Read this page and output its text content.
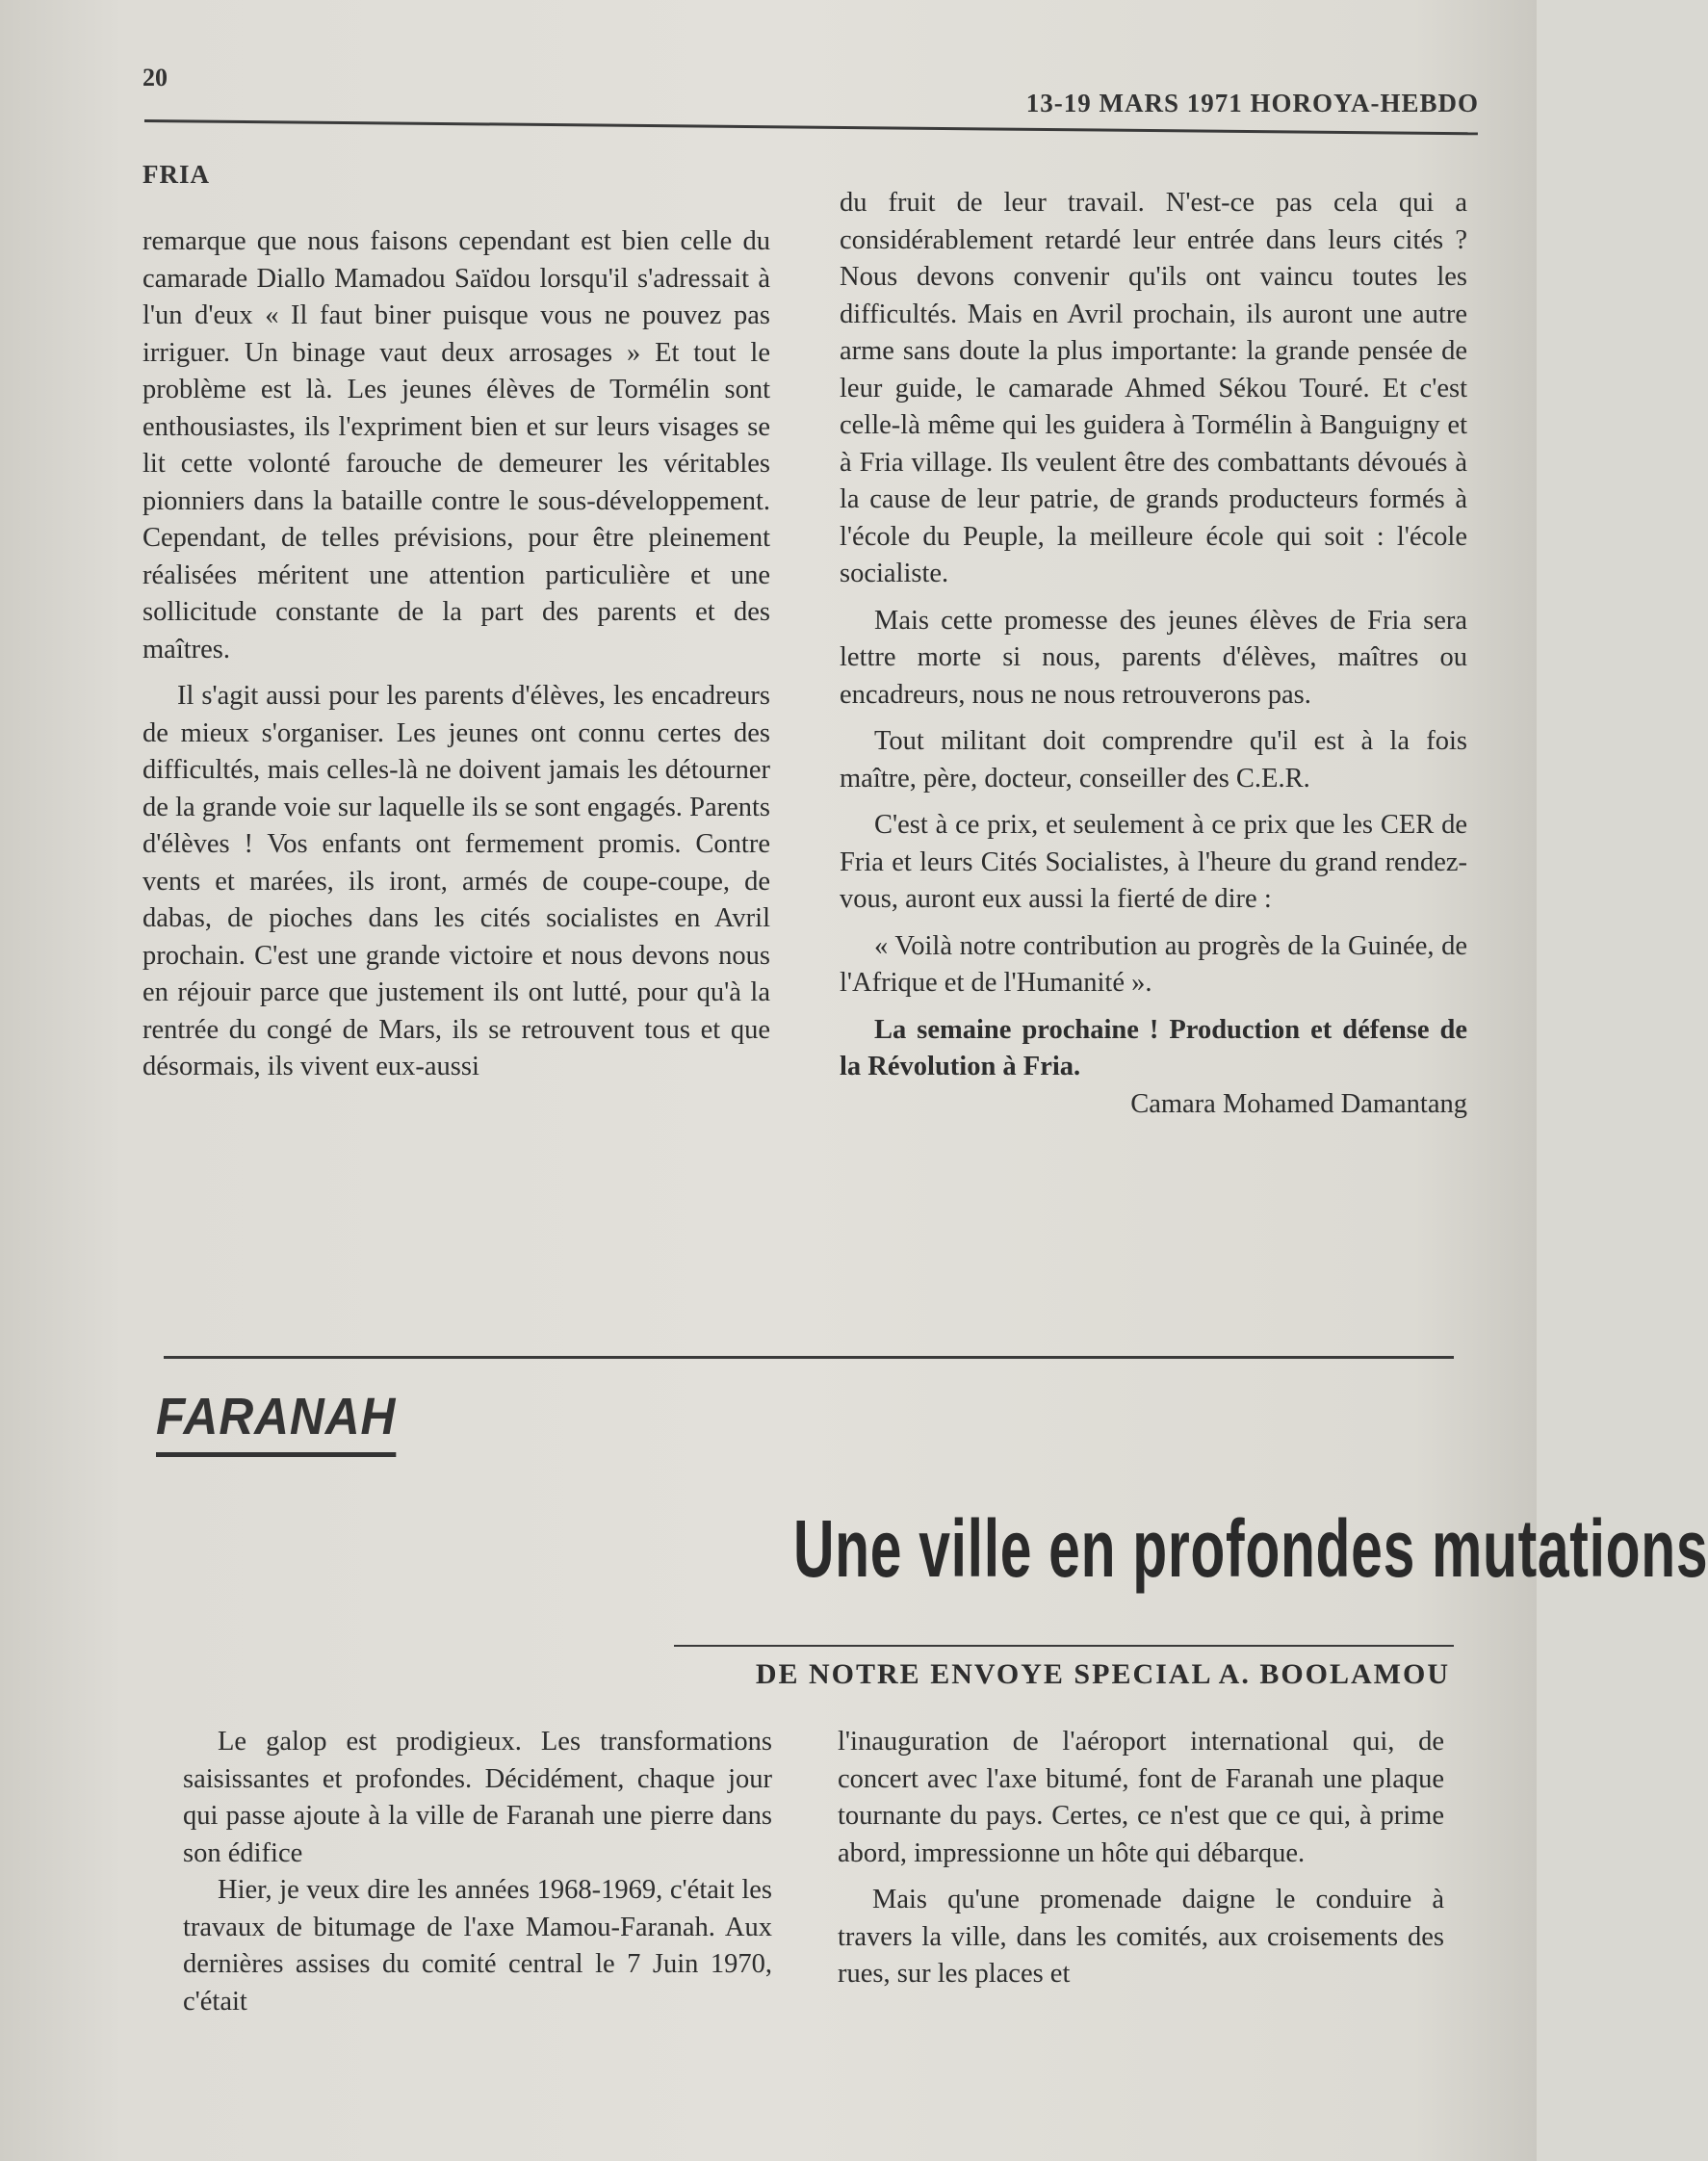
20
13-19 MARS 1971 HOROYA-HEBDO
FRIA

remarque que nous faisons cependant est bien celle du camarade Diallo Mamadou Saïdou lorsqu'il s'adressait à l'un d'eux « Il faut biner puisque vous ne pouvez pas irriguer. Un binage vaut deux arrosages » Et tout le problème est là. Les jeunes élèves de Tormélin sont enthousiastes, ils l'expriment bien et sur leurs visages se lit cette volonté farouche de demeurer les véritables pionniers dans la bataille contre le sous-développement. Cependant, de telles prévisions, pour être pleinement réalisées méritent une attention particulière et une sollicitude constante de la part des parents et des maîtres.

Il s'agit aussi pour les parents d'élèves, les encadreurs de mieux s'organiser. Les jeunes ont connu certes des difficultés, mais celles-là ne doivent jamais les détourner de la grande voie sur laquelle ils se sont engagés. Parents d'élèves ! Vos enfants ont fermement promis. Contre vents et marées, ils iront, armés de coupe-coupe, de dabas, de pioches dans les cités socialistes en Avril prochain. C'est une grande victoire et nous devons nous en réjouir parce que justement ils ont lutté, pour qu'à la rentrée du congé de Mars, ils se retrouvent tous et que désormais, ils vivent eux-aussi

du fruit de leur travail. N'est-ce pas cela qui a considérablement retardé leur entrée dans leurs cités ? Nous devons convenir qu'ils ont vaincu toutes les difficultés. Mais en Avril prochain, ils auront une autre arme sans doute la plus importante: la grande pensée de leur guide, le camarade Ahmed Sékou Touré. Et c'est celle-là même qui les guidera à Tormélin à Banguigny et à Fria village. Ils veulent être des combattants dévoués à la cause de leur patrie, de grands producteurs formés à l'école du Peuple, la meilleure école qui soit : l'école socialiste.

Mais cette promesse des jeunes élèves de Fria sera lettre morte si nous, parents d'élèves, maîtres ou encadreurs, nous ne nous retrouverons pas.

Tout militant doit comprendre qu'il est à la fois maître, père, docteur, conseiller des C.E.R.

C'est à ce prix, et seulement à ce prix que les CER de Fria et leurs Cités Socialistes, à l'heure du grand rendez-vous, auront eux aussi la fierté de dire :

« Voilà notre contribution au progrès de la Guinée, de l'Afrique et de l'Humanité ».

La semaine prochaine ! Production et défense de la Révolution à Fria.

Camara Mohamed Damantang

FARANAH
Une ville en profondes mutations
DE NOTRE ENVOYE SPECIAL A. BOOLAMOU

Le galop est prodigieux. Les transformations saisissantes et profondes. Décidément, chaque jour qui passe ajoute à la ville de Faranah une pierre dans son édifice

Hier, je veux dire les années 1968-1969, c'était les travaux de bitumage de l'axe Mamou-Faranah. Aux dernières assises du comité central le 7 Juin 1970, c'était

l'inauguration de l'aéroport international qui, de concert avec l'axe bitumé, font de Faranah une plaque tournante du pays. Certes, ce n'est que ce qui, à prime abord, impressionne un hôte qui débarque.

Mais qu'une promenade daigne le conduire à travers la ville, dans les comités, aux croisements des rues, sur les places et
